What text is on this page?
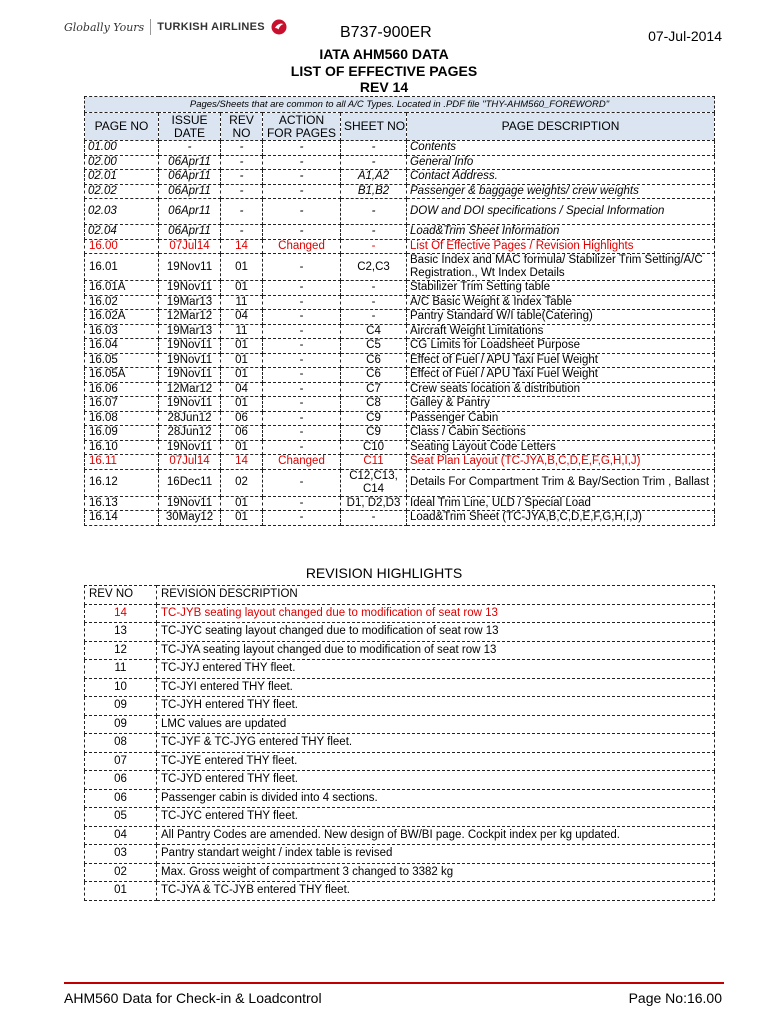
Globally Yours TURKISH AIRLINES	B737-900ER	07-Jul-2014
IATA AHM560 DATA
LIST OF EFFECTIVE PAGES
REV 14
Pages/Sheets that are common to all A/C Types. Located in .PDF file "THY-AHM560_FOREWORD"					
PAGE NO	ISSUE DATE	REV NO	ACTION FOR PAGES	SHEET NO	PAGE DESCRIPTION
01.00	-	-	-	-	Contents
02.00	06Apr11	-	-	-	General Info
02.01	06Apr11	-	-	A1,A2	Contact Address.
02.02	06Apr11	-	-	B1,B2	Passenger & baggage weights/ crew weights
02.03	06Apr11	-	-	-	DOW and DOI specifications / Special Information
02.04	06Apr11	-	-	-	Load&Trim Sheet Information
16.00	07Jul14	14	Changed	-	List Of Effective Pages / Revision Highlights
16.01	19Nov11	01	-	C2,C3	Basic Index and MAC formula/ Stabilizer Trim Setting/A/C Registration., Wt Index Details
16.01A	19Nov11	01	-	-	Stabilizer Trim Setting table
16.02	19Mar13	11	-	-	A/C Basic Weight & Index Table
16.02A	12Mar12	04	-	-	Pantry Standard W/I table(Catering)
16.03	19Mar13	11	-	C4	Aircraft Weight Limitations
16.04	19Nov11	01	-	C5	CG Limits for Loadsheet Purpose
16.05	19Nov11	01	-	C6	Effect of Fuel / APU Taxi Fuel Weight
16.05A	19Nov11	01	-	C6	Effect of Fuel / APU Taxi Fuel Weight
16.06	12Mar12	04	-	C7	Crew seats location & distribution
16.07	19Nov11	01	-	C8	Galley & Pantry
16.08	28Jun12	06	-	C9	Passenger Cabin
16.09	28Jun12	06	-	C9	Class / Cabin Sections
16.10	19Nov11	01	-	C10	Seating Layout Code Letters
16.11	07Jul14	14	Changed	C11	Seat Plan Layout (TC-JYA,B,C,D,E,F,G,H,I,J)
16.12	16Dec11	02	-	C12,C13, C14	Details For Compartment Trim & Bay/Section Trim , Ballast
16.13	19Nov11	01	-	D1, D2,D3	Ideal Trim Line, ULD / Special Load
16.14	30May12	01	-	-	Load&Trim Sheet (TC-JYA,B,C,D,E,F,G,H,I,J)
REVISION HIGHLIGHTS
REV NO	REVISION DESCRIPTION
14	TC-JYB seating layout changed due to modification of seat row 13
13	TC-JYC seating layout changed due to modification of seat row 13
12	TC-JYA seating layout changed due to modification of seat row 13
11	TC-JYJ entered THY fleet.
10	TC-JYI entered THY fleet.
09	TC-JYH entered THY fleet.
09	LMC values are updated
08	TC-JYF & TC-JYG entered THY fleet.
07	TC-JYE entered THY fleet.
06	TC-JYD entered THY fleet.
06	Passenger cabin is divided into 4 sections.
05	TC-JYC entered THY fleet.
04	All Pantry Codes are amended. New design of BW/BI page. Cockpit index per kg updated.
03	Pantry standart weight / index table is revised
02	Max. Gross weight of compartment 3 changed to 3382 kg
01	TC-JYA & TC-JYB entered THY fleet.
AHM560 Data for Check-in & Loadcontrol	Page No:16.00
